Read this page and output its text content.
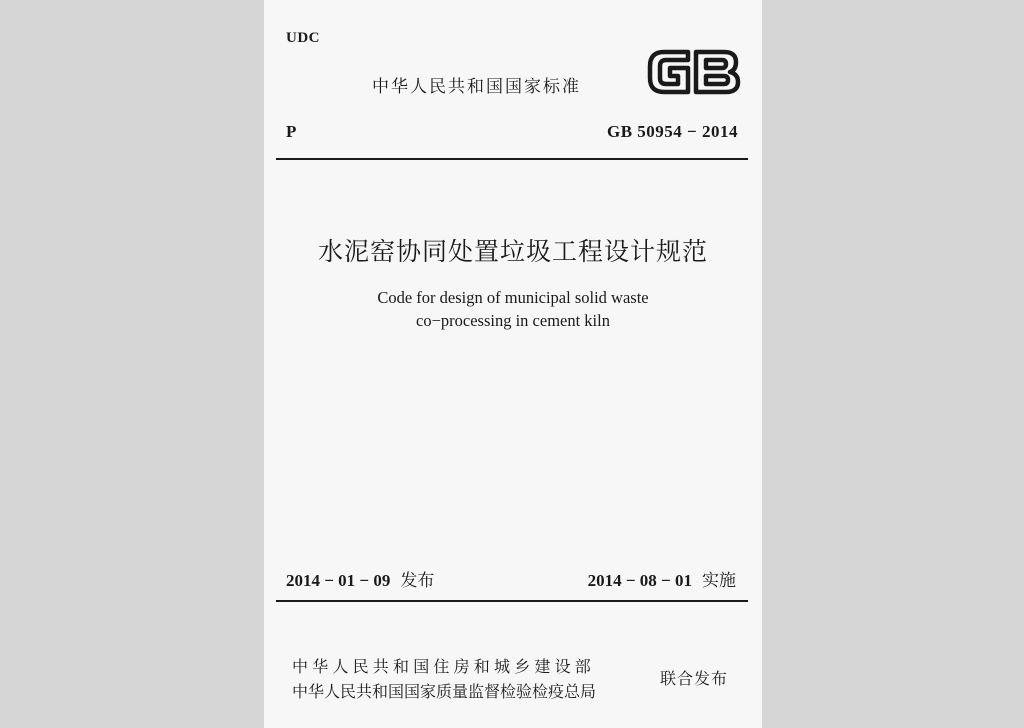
UDC
中华人民共和国国家标准
P	GB 50954 − 2014
水泥窑协同处置垃圾工程设计规范
Code for design of municipal solid waste
co−processing in cement kiln
2014 − 01 − 09 发布	2014 − 08 − 01 实施
中华人民共和国住房和城乡建设部
中华人民共和国国家质量监督检验检疫总局
联合发布
